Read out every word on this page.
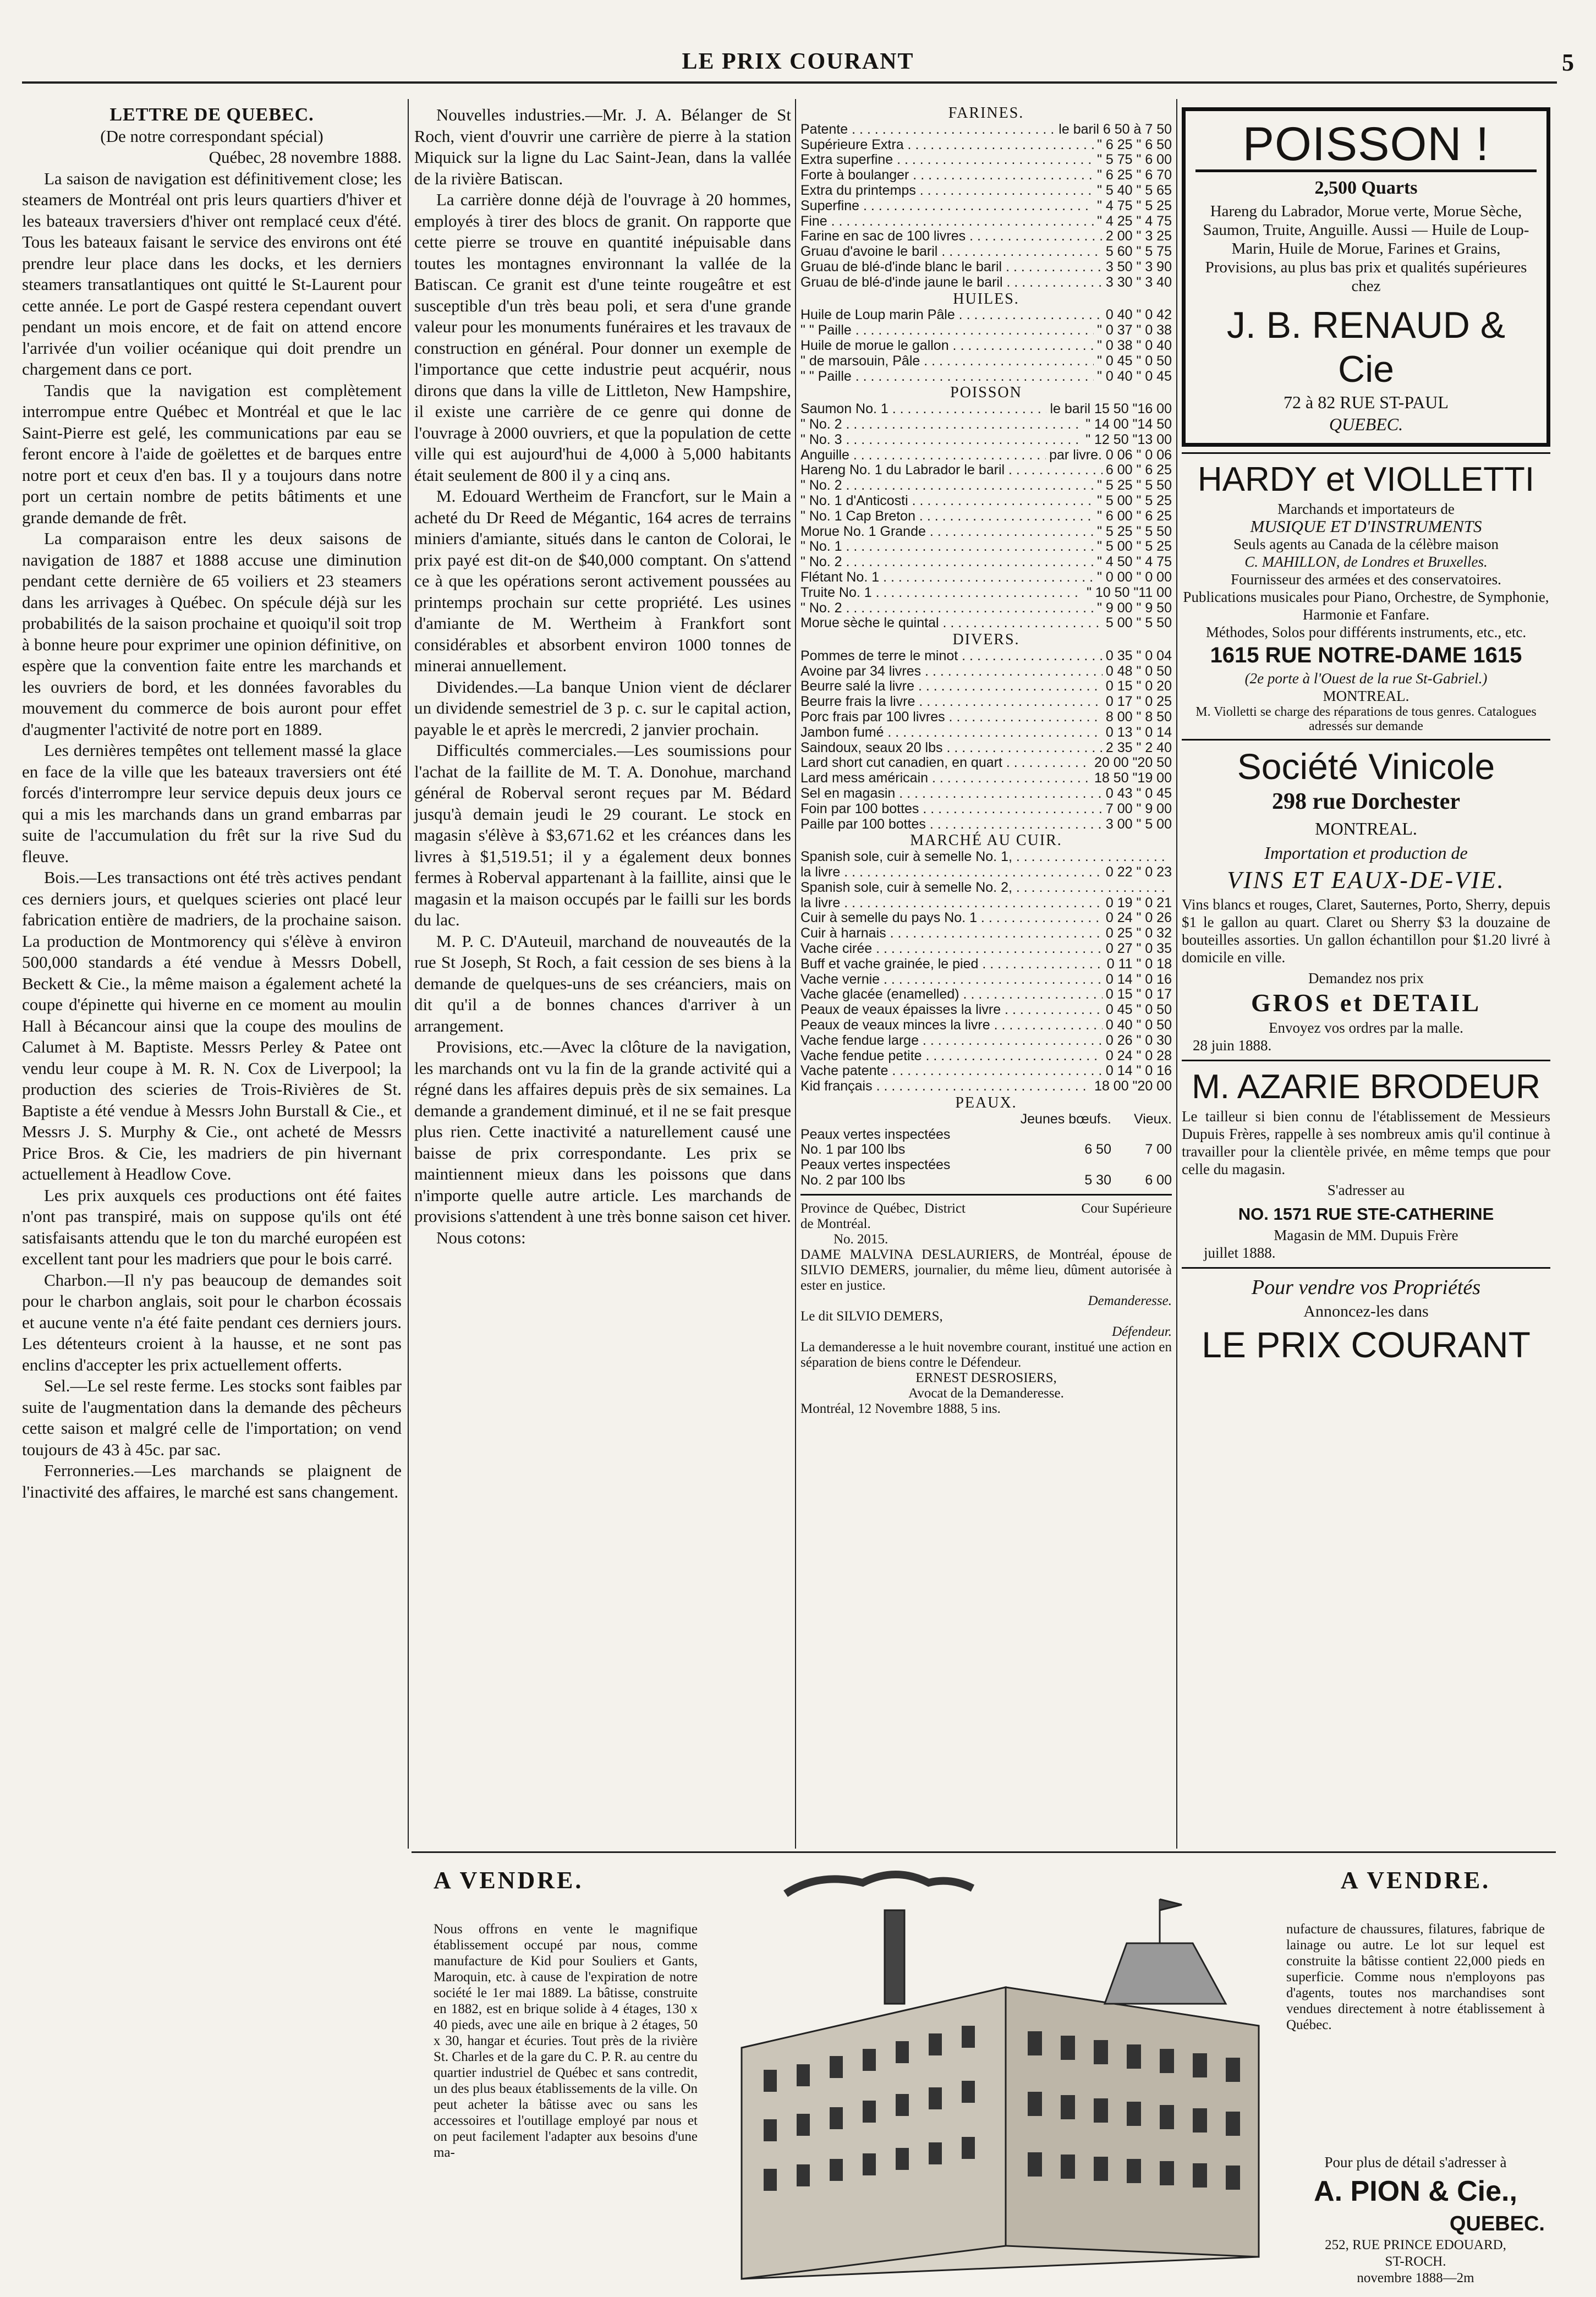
LE PRIX COURANT	5

LETTRE DE QUEBEC.

(De notre correspondant spécial)

Québec, 28 novembre 1888.

La saison de navigation est définitivement close; les steamers de Montréal ont pris leurs quartiers d'hiver et les bateaux traversiers d'hiver ont remplacé ceux d'été. Tous les bateaux faisant le service des environs ont été prendre leur place dans les docks, et les derniers steamers transatlantiques ont quitté le St-Laurent pour cette année. Le port de Gaspé restera cependant ouvert pendant un mois encore, et de fait on attend encore l'arrivée d'un voilier océanique qui doit prendre un chargement dans ce port.

Tandis que la navigation est complètement interrompue entre Québec et Montréal et que le lac Saint-Pierre est gelé, les communications par eau se feront encore à l'aide de goëlettes et de barques entre notre port et ceux d'en bas. Il y a toujours dans notre port un certain nombre de petits bâtiments et une grande demande de frêt.

La comparaison entre les deux saisons de navigation de 1887 et 1888 accuse une diminution pendant cette dernière de 65 voiliers et 23 steamers dans les arrivages à Québec. On spécule déjà sur les probabilités de la saison prochaine et quoiqu'il soit trop à bonne heure pour exprimer une opinion définitive, on espère que la convention faite entre les marchands et les ouvriers de bord, et les données favorables du mouvement du commerce de bois auront pour effet d'augmenter l'activité de notre port en 1889.

Les dernières tempêtes ont tellement massé la glace en face de la ville que les bateaux traversiers ont été forcés d'interrompre leur service depuis deux jours ce qui a mis les marchands dans un grand embarras par suite de l'accumulation du frêt sur la rive Sud du fleuve.

Bois.—Les transactions ont été très actives pendant ces derniers jours, et quelques scieries ont placé leur fabrication entière de madriers, de la prochaine saison. La production de Montmorency qui s'élève à environ 500,000 standards a été vendue à Messrs Dobell, Beckett & Cie., la même maison a également acheté la coupe d'épinette qui hiverne en ce moment au moulin Hall à Bécancour ainsi que la coupe des moulins de Calumet à M. Baptiste. Messrs Perley & Patee ont vendu leur coupe à M. R. N. Cox de Liverpool; la production des scieries de Trois-Rivières de St. Baptiste a été vendue à Messrs John Burstall & Cie., et Messrs J. S. Murphy & Cie., ont acheté de Messrs Price Bros. & Cie, les madriers de pin hivernant actuellement à Headlow Cove.

Les prix auxquels ces productions ont été faites n'ont pas transpiré, mais on suppose qu'ils ont été satisfaisants attendu que le ton du marché européen est excellent tant pour les madriers que pour le bois carré.

Charbon.—Il n'y pas beaucoup de demandes soit pour le charbon anglais, soit pour le charbon écossais et aucune vente n'a été faite pendant ces derniers jours. Les détenteurs croient à la hausse, et ne sont pas enclins d'accepter les prix actuellement offerts.

Sel.—Le sel reste ferme. Les stocks sont faibles par suite de l'augmentation dans la demande des pêcheurs cette saison et malgré celle de l'importation; on vend toujours de 43 à 45c. par sac.

Ferronneries.—Les marchands se plaignent de l'inactivité des affaires, le marché est sans changement.

Nouvelles industries.—Mr. J. A. Bélanger de St Roch, vient d'ouvrir une carrière de pierre à la station Miquick sur la ligne du Lac Saint-Jean, dans la vallée de la rivière Batiscan.

La carrière donne déjà de l'ouvrage à 20 hommes, employés à tirer des blocs de granit. On rapporte que cette pierre se trouve en quantité inépuisable dans toutes les montagnes environnant la vallée de la Batiscan. Ce granit est d'une teinte rougeâtre et est susceptible d'un très beau poli, et sera d'une grande valeur pour les monuments funéraires et les travaux de construction en général. Pour donner un exemple de l'importance que cette industrie peut acquérir, nous dirons que dans la ville de Littleton, New Hampshire, il existe une carrière de ce genre qui donne de l'ouvrage à 2000 ouvriers, et que la population de cette ville qui est aujourd'hui de 4,000 à 5,000 habitants était seulement de 800 il y a cinq ans.

M. Edouard Wertheim de Francfort, sur le Main a acheté du Dr Reed de Mégantic, 164 acres de terrains miniers d'amiante, situés dans le canton de Colorai, le prix payé est dit-on de $40,000 comptant. On s'attend ce à que les opérations seront activement poussées au printemps prochain sur cette propriété. Les usines d'amiante de M. Wertheim à Frankfort sont considérables et absorbent environ 1000 tonnes de minerai annuellement.

Dividendes.—La banque Union vient de déclarer un dividende semestriel de 3 p. c. sur le capital action, payable le et après le mercredi, 2 janvier prochain.

Difficultés commerciales.—Les soumissions pour l'achat de la faillite de M. T. A. Donohue, marchand général de Roberval seront reçues par M. Bédard jusqu'à demain jeudi le 29 courant. Le stock en magasin s'élève à $3,671.62 et les créances dans les livres à $1,519.51; il y a également deux bonnes fermes à Roberval appartenant à la faillite, ainsi que le magasin et la maison occupés par le failli sur les bords du lac.

M. P. C. D'Auteuil, marchand de nouveautés de la rue St Joseph, St Roch, a fait cession de ses biens à la demande de quelques-uns de ses créanciers, mais on dit qu'il a de bonnes chances d'arriver à un arrangement.

Provisions, etc.—Avec la clôture de la navigation, les marchands ont vu la fin de la grande activité qui a régné dans les affaires depuis près de six semaines. La demande a grandement diminué, et il ne se fait presque plus rien. Cette inactivité a naturellement causé une baisse de prix correspondante. Les prix se maintiennent mieux dans les poissons que dans n'importe quelle autre article. Les marchands de provisions s'attendent à une très bonne saison cet hiver.

Nous cotons:

FARINES.
Patente . . .	le baril 6 50 à 7 50
Supérieure Extra . . .	" 6 25 " 6 50
Extra superfine . . .	" 5 75 " 6 00
Forte à boulanger . . .	" 6 25 " 6 70
Extra du printemps . . .	" 5 40 " 5 65
Superfine . . .	" 4 75 " 5 25
Fine . . .	" 4 25 " 4 75
Farine en sac de 100 livres . . .	2 00 " 3 25
Gruau d'avoine le baril . . .	5 60 " 5 75
Gruau de blé-d'inde blanc le baril . . .	3 50 " 3 90
Gruau de blé-d'inde jaune le baril . . .	3 30 " 3 40
HUILES.
Huile de Loup marin Pâle . . .	0 40 " 0 42
" " Paille . . .	" 0 37 " 0 38
Huile de morue le gallon . . .	" 0 38 " 0 40
" de marsouin, Pâle . . .	" 0 45 " 0 50
" " Paille . . .	" 0 40 " 0 45
POISSON
Saumon No. 1 . . .	le baril 15 50 "16 00
" No. 2 . . .	" 14 00 "14 50
" No. 3 . . .	" 12 50 "13 00
Anguille . . .	par livre. 0 06 " 0 06
Hareng No. 1 du Labrador le baril . . .	6 00 " 6 25
" No. 2 . . .	" 5 25 " 5 50
" No. 1 d'Anticosti . . .	" 5 00 " 5 25
" No. 1 Cap Breton . . .	" 6 00 " 6 25
Morue No. 1 Grande . . .	" 5 25 " 5 50
" No. 1 . . .	" 5 00 " 5 25
" No. 2 . . .	" 4 50 " 4 75
Flétant No. 1 . . .	" 0 00 " 0 00
Truite No. 1 . . .	" 10 50 "11 00
" No. 2 . . .	" 9 00 " 9 50
Morue sèche le quintal . . .	5 00 " 5 50
DIVERS.
Pommes de terre le minot . . .	0 35 " 0 04
Avoine par 34 livres . . .	0 48 " 0 50
Beurre salé la livre . . .	0 15 " 0 20
Beurre frais la livre . . .	0 17 " 0 25
Porc frais par 100 livres . . .	8 00 " 8 50
Jambon fumé . . .	0 13 " 0 14
Saindoux, seaux 20 lbs . . .	2 35 " 2 40
Lard short cut canadien, en quart . . .	20 00 "20 50
Lard mess américain . . .	18 50 "19 00
Sel en magasin . . .	0 43 " 0 45
Foin par 100 bottes . . .	7 00 " 9 00
Paille par 100 bottes . . .	3 00 " 5 00
MARCHÉ AU CUIR.
Spanish sole, cuir à semelle No. 1, . . .
la livre . . .	0 22 " 0 23
Spanish sole, cuir à semelle No. 2, . . .
la livre . . .	0 19 " 0 21
Cuir à semelle du pays No. 1 . . .	0 24 " 0 26
Cuir à harnais . . .	0 25 " 0 32
Vache cirée . . .	0 27 " 0 35
Buff et vache grainée, le pied . . .	0 11 " 0 18
Vache vernie . . .	0 14 " 0 16
Vache glacée (enamelled) . . .	0 15 " 0 17
Peaux de veaux épaisses la livre . . .	0 45 " 0 50
Peaux de veaux minces la livre . . .	0 40 " 0 50
Vache fendue large . . .	0 26 " 0 30
Vache fendue petite . . .	0 24 " 0 28
Vache patente . . .	0 14 " 0 16
Kid français . . .	18 00 "20 00
PEAUX.
Jeunes bœufs.	Vieux.
Peaux vertes inspectées
No. 1 par 100 lbs	6 50	7 00
Peaux vertes inspectées
No. 2 par 100 lbs	5 30	6 00
Province de Québec, District de Montréal.
Cour Supérieure
No. 2015.
DAME MALVINA DESLAURIERS, de Montréal, épouse de SILVIO DEMERS, journalier, du même lieu, dûment autorisée à ester en justice.
Demanderesse.
Le dit SILVIO DEMERS,
Défendeur.
La demanderesse a le huit novembre courant, institué une action en séparation de biens contre le Défendeur.
ERNEST DESROSIERS,
Avocat de la Demanderesse.
Montréal, 12 Novembre 1888, 5 ins.
POISSON !
2,500 Quarts
Hareng du Labrador, Morue verte, Morue Sèche, Saumon, Truite, Anguille. Aussi — Huile de Loup-Marin, Huile de Morue, Farines et Grains, Provisions, au plus bas prix et qualités supérieures chez
J. B. RENAUD & Cie
72 à 82 RUE ST-PAUL
QUEBEC.
HARDY et VIOLLETTI
Marchands et importateurs de
MUSIQUE ET D'INSTRUMENTS
Seuls agents au Canada de la célèbre maison
C. MAHILLON, de Londres et Bruxelles.
Fournisseur des armées et des conservatoires.
Publications musicales pour Piano, Orchestre, de Symphonie, Harmonie et Fanfare.
Méthodes, Solos pour différents instruments, etc., etc.
1615 RUE NOTRE-DAME 1615
(2e porte à l'Ouest de la rue St-Gabriel.)
MONTREAL.
M. Violletti se charge des réparations de tous genres. Catalogues adressés sur demande
Société Vinicole
298 rue Dorchester
MONTREAL.
Importation et production de
VINS ET EAUX-DE-VIE.
Vins blancs et rouges, Claret, Sauternes, Porto, Sherry, depuis $1 le gallon au quart. Claret ou Sherry $3 la douzaine de bouteilles assorties. Un gallon échantillon pour $1.20 livré à domicile en ville.
Demandez nos prix
GROS et DETAIL
Envoyez vos ordres par la malle.
28 juin 1888.
M. AZARIE BRODEUR
Le tailleur si bien connu de l'établissement de Messieurs Dupuis Frères, rappelle à ses nombreux amis qu'il continue à travailler pour la clientèle privée, en même temps que pour celle du magasin.
S'adresser au
NO. 1571 RUE STE-CATHERINE
Magasin de MM. Dupuis Frère
juillet 1888.
Pour vendre vos Propriétés
Annoncez-les dans
LE PRIX COURANT
A VENDRE.	A VENDRE.
Nous offrons en vente le magnifique établissement occupé par nous, comme manufacture de Kid pour Souliers et Gants, Maroquin, etc. à cause de l'expiration de notre société le 1er mai 1889. La bâtisse, construite en 1882, est en brique solide à 4 étages, 130 x 40 pieds, avec une aile en brique à 2 étages, 50 x 30, hangar et écuries. Tout près de la rivière St. Charles et de la gare du C. P. R. au centre du quartier industriel de Québec et sans contredit, un des plus beaux établissements de la ville. On peut acheter la bâtisse avec ou sans les accessoires et l'outillage employé par nous et on peut facilement l'adapter aux besoins d'une ma-
nufacture de chaussures, filatures, fabrique de lainage ou autre. Le lot sur lequel est construite la bâtisse contient 22,000 pieds en superficie. Comme nous n'employons pas d'agents, toutes nos marchandises sont vendues directement à notre établissement à Québec.
Pour plus de détail s'adresser à
A. PION & Cie.,
QUEBEC.
252, RUE PRINCE EDOUARD,
ST-ROCH.
novembre 1888—2m
